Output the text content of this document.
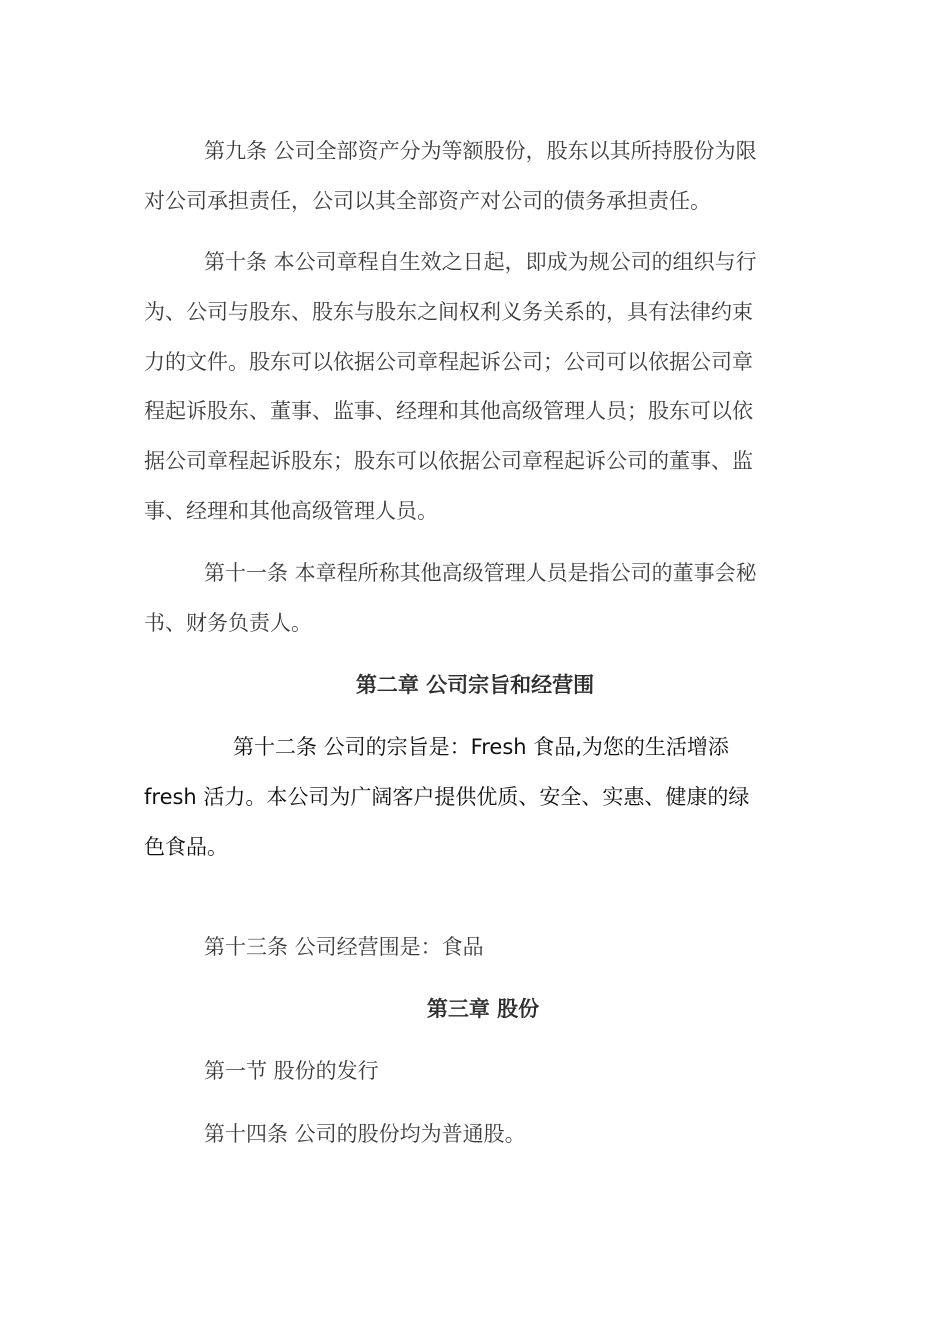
第九条 公司全部资产分为等额股份，股东以其所持股份为限
对公司承担责任，公司以其全部资产对公司的债务承担责任。
第十条 本公司章程自生效之日起，即成为规公司的组织与行
为、公司与股东、股东与股东之间权利义务关系的，具有法律约束
力的文件。股东可以依据公司章程起诉公司；公司可以依据公司章
程起诉股东、董事、监事、经理和其他高级管理人员；股东可以依
据公司章程起诉股东；股东可以依据公司章程起诉公司的董事、监
事、经理和其他高级管理人员。
第十一条 本章程所称其他高级管理人员是指公司的董事会秘
书、财务负责人。
第二章 公司宗旨和经营围
第十二条 公司的宗旨是：Fresh 食品,为您的生活增添
fresh 活力。本公司为广阔客户提供优质、安全、实惠、健康的绿
色食品。
第十三条 公司经营围是：食品
第三章 股份
第一节 股份的发行
第十四条 公司的股份均为普通股。
